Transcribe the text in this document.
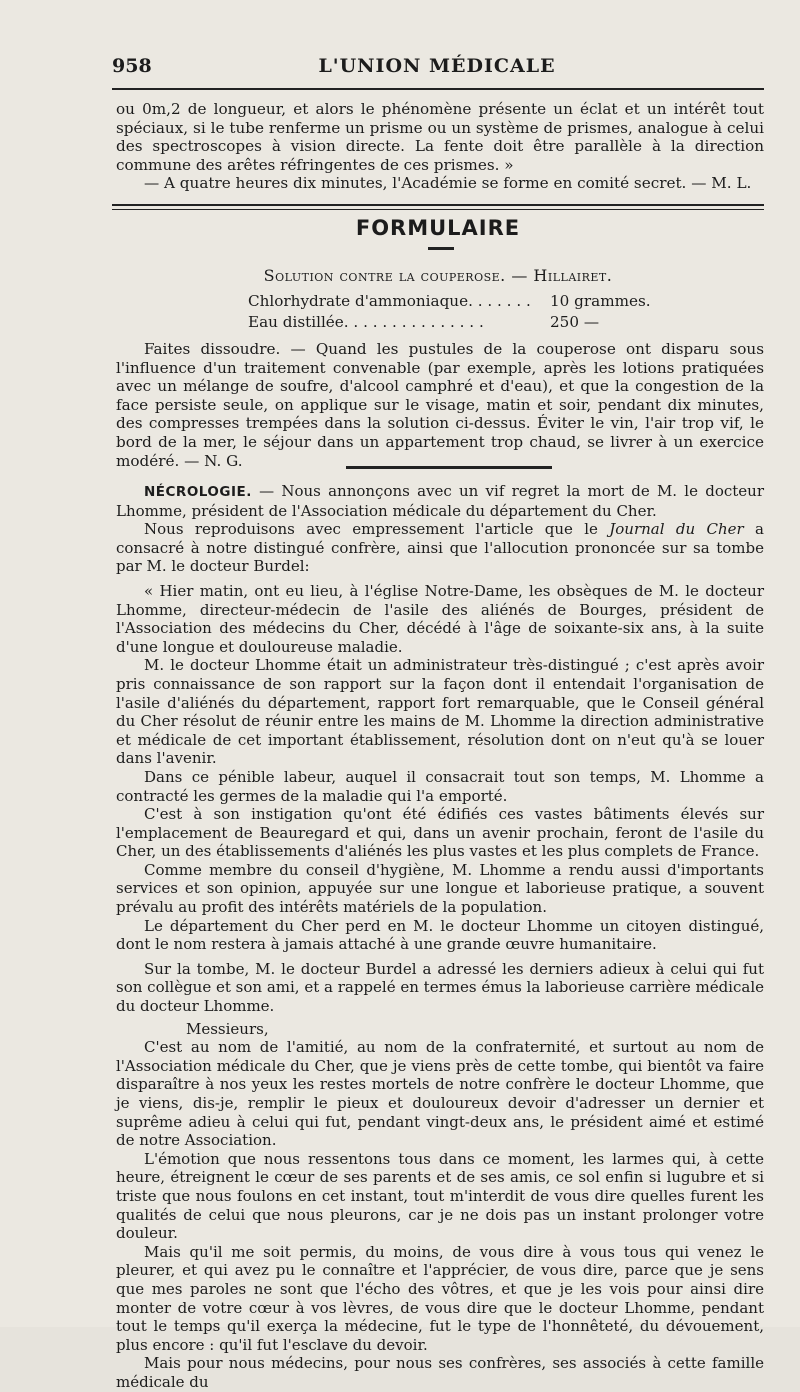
958	L'UNION MÉDICALE

ou 0m,2 de longueur, et alors le phénomène présente un éclat et un intérêt tout spéciaux, si le tube renferme un prisme ou un système de prismes, analogue à celui des spectroscopes à vision directe. La fente doit être parallèle à la direction commune des arêtes réfringentes de ces prismes. »

— A quatre heures dix minutes, l'Académie se forme en comité secret. — M. L.

FORMULAIRE
Solution contre la couperose. — Hillairet.
Chlorhydrate d'ammoniaque. . . . . . . 10 grammes.
Eau distillée. . . . . . . . . . . . . . .	250 —

Faites dissoudre. — Quand les pustules de la couperose ont disparu sous l'influence d'un traitement convenable (par exemple, après les lotions pratiquées avec un mélange de soufre, d'alcool camphré et d'eau), et que la congestion de la face persiste seule, on applique sur le visage, matin et soir, pendant dix minutes, des compresses trempées dans la solution ci-dessus. Éviter le vin, l'air trop vif, le bord de la mer, le séjour dans un appartement trop chaud, se livrer à un exercice modéré. — N. G.

NÉCROLOGIE. — Nous annonçons avec un vif regret la mort de M. le docteur Lhomme, président de l'Association médicale du département du Cher.

Nous reproduisons avec empressement l'article que le Journal du Cher a consacré à notre distingué confrère, ainsi que l'allocution prononcée sur sa tombe par M. le docteur Burdel:

« Hier matin, ont eu lieu, à l'église Notre-Dame, les obsèques de M. le docteur Lhomme, directeur-médecin de l'asile des aliénés de Bourges, président de l'Association des médecins du Cher, décédé à l'âge de soixante-six ans, à la suite d'une longue et douloureuse maladie.

M. le docteur Lhomme était un administrateur très-distingué ; c'est après avoir pris connaissance de son rapport sur la façon dont il entendait l'organisation de l'asile d'aliénés du département, rapport fort remarquable, que le Conseil général du Cher résolut de réunir entre les mains de M. Lhomme la direction administrative et médicale de cet important établissement, résolution dont on n'eut qu'à se louer dans l'avenir.

Dans ce pénible labeur, auquel il consacrait tout son temps, M. Lhomme a contracté les germes de la maladie qui l'a emporté.

C'est à son instigation qu'ont été édifiés ces vastes bâtiments élevés sur l'emplacement de Beauregard et qui, dans un avenir prochain, feront de l'asile du Cher, un des établissements d'aliénés les plus vastes et les plus complets de France.

Comme membre du conseil d'hygiène, M. Lhomme a rendu aussi d'importants services et son opinion, appuyée sur une longue et laborieuse pratique, a souvent prévalu au profit des intérêts matériels de la population.

Le département du Cher perd en M. le docteur Lhomme un citoyen distingué, dont le nom restera à jamais attaché à une grande œuvre humanitaire.

Sur la tombe, M. le docteur Burdel a adressé les derniers adieux à celui qui fut son collègue et son ami, et a rappelé en termes émus la laborieuse carrière médicale du docteur Lhomme.

Messieurs,

C'est au nom de l'amitié, au nom de la confraternité, et surtout au nom de l'Association médicale du Cher, que je viens près de cette tombe, qui bientôt va faire disparaître à nos yeux les restes mortels de notre confrère le docteur Lhomme, que je viens, dis-je, remplir le pieux et douloureux devoir d'adresser un dernier et suprême adieu à celui qui fut, pendant vingt-deux ans, le président aimé et estimé de notre Association.

L'émotion que nous ressentons tous dans ce moment, les larmes qui, à cette heure, étreignent le cœur de ses parents et de ses amis, ce sol enfin si lugubre et si triste que nous foulons en cet instant, tout m'interdit de vous dire quelles furent les qualités de celui que nous pleurons, car je ne dois pas un instant prolonger votre douleur.

Mais qu'il me soit permis, du moins, de vous dire à vous tous qui venez le pleurer, et qui avez pu le connaître et l'apprécier, de vous dire, parce que je sens que mes paroles ne sont que l'écho des vôtres, et que je les vois pour ainsi dire monter de votre cœur à vos lèvres, de vous dire que le docteur Lhomme, pendant tout le temps qu'il exerça la médecine, fut le type de l'honnêteté, du dévouement, plus encore : qu'il fut l'esclave du devoir.

Mais pour nous médecins, pour nous ses confrères, ses associés à cette famille médicale du
